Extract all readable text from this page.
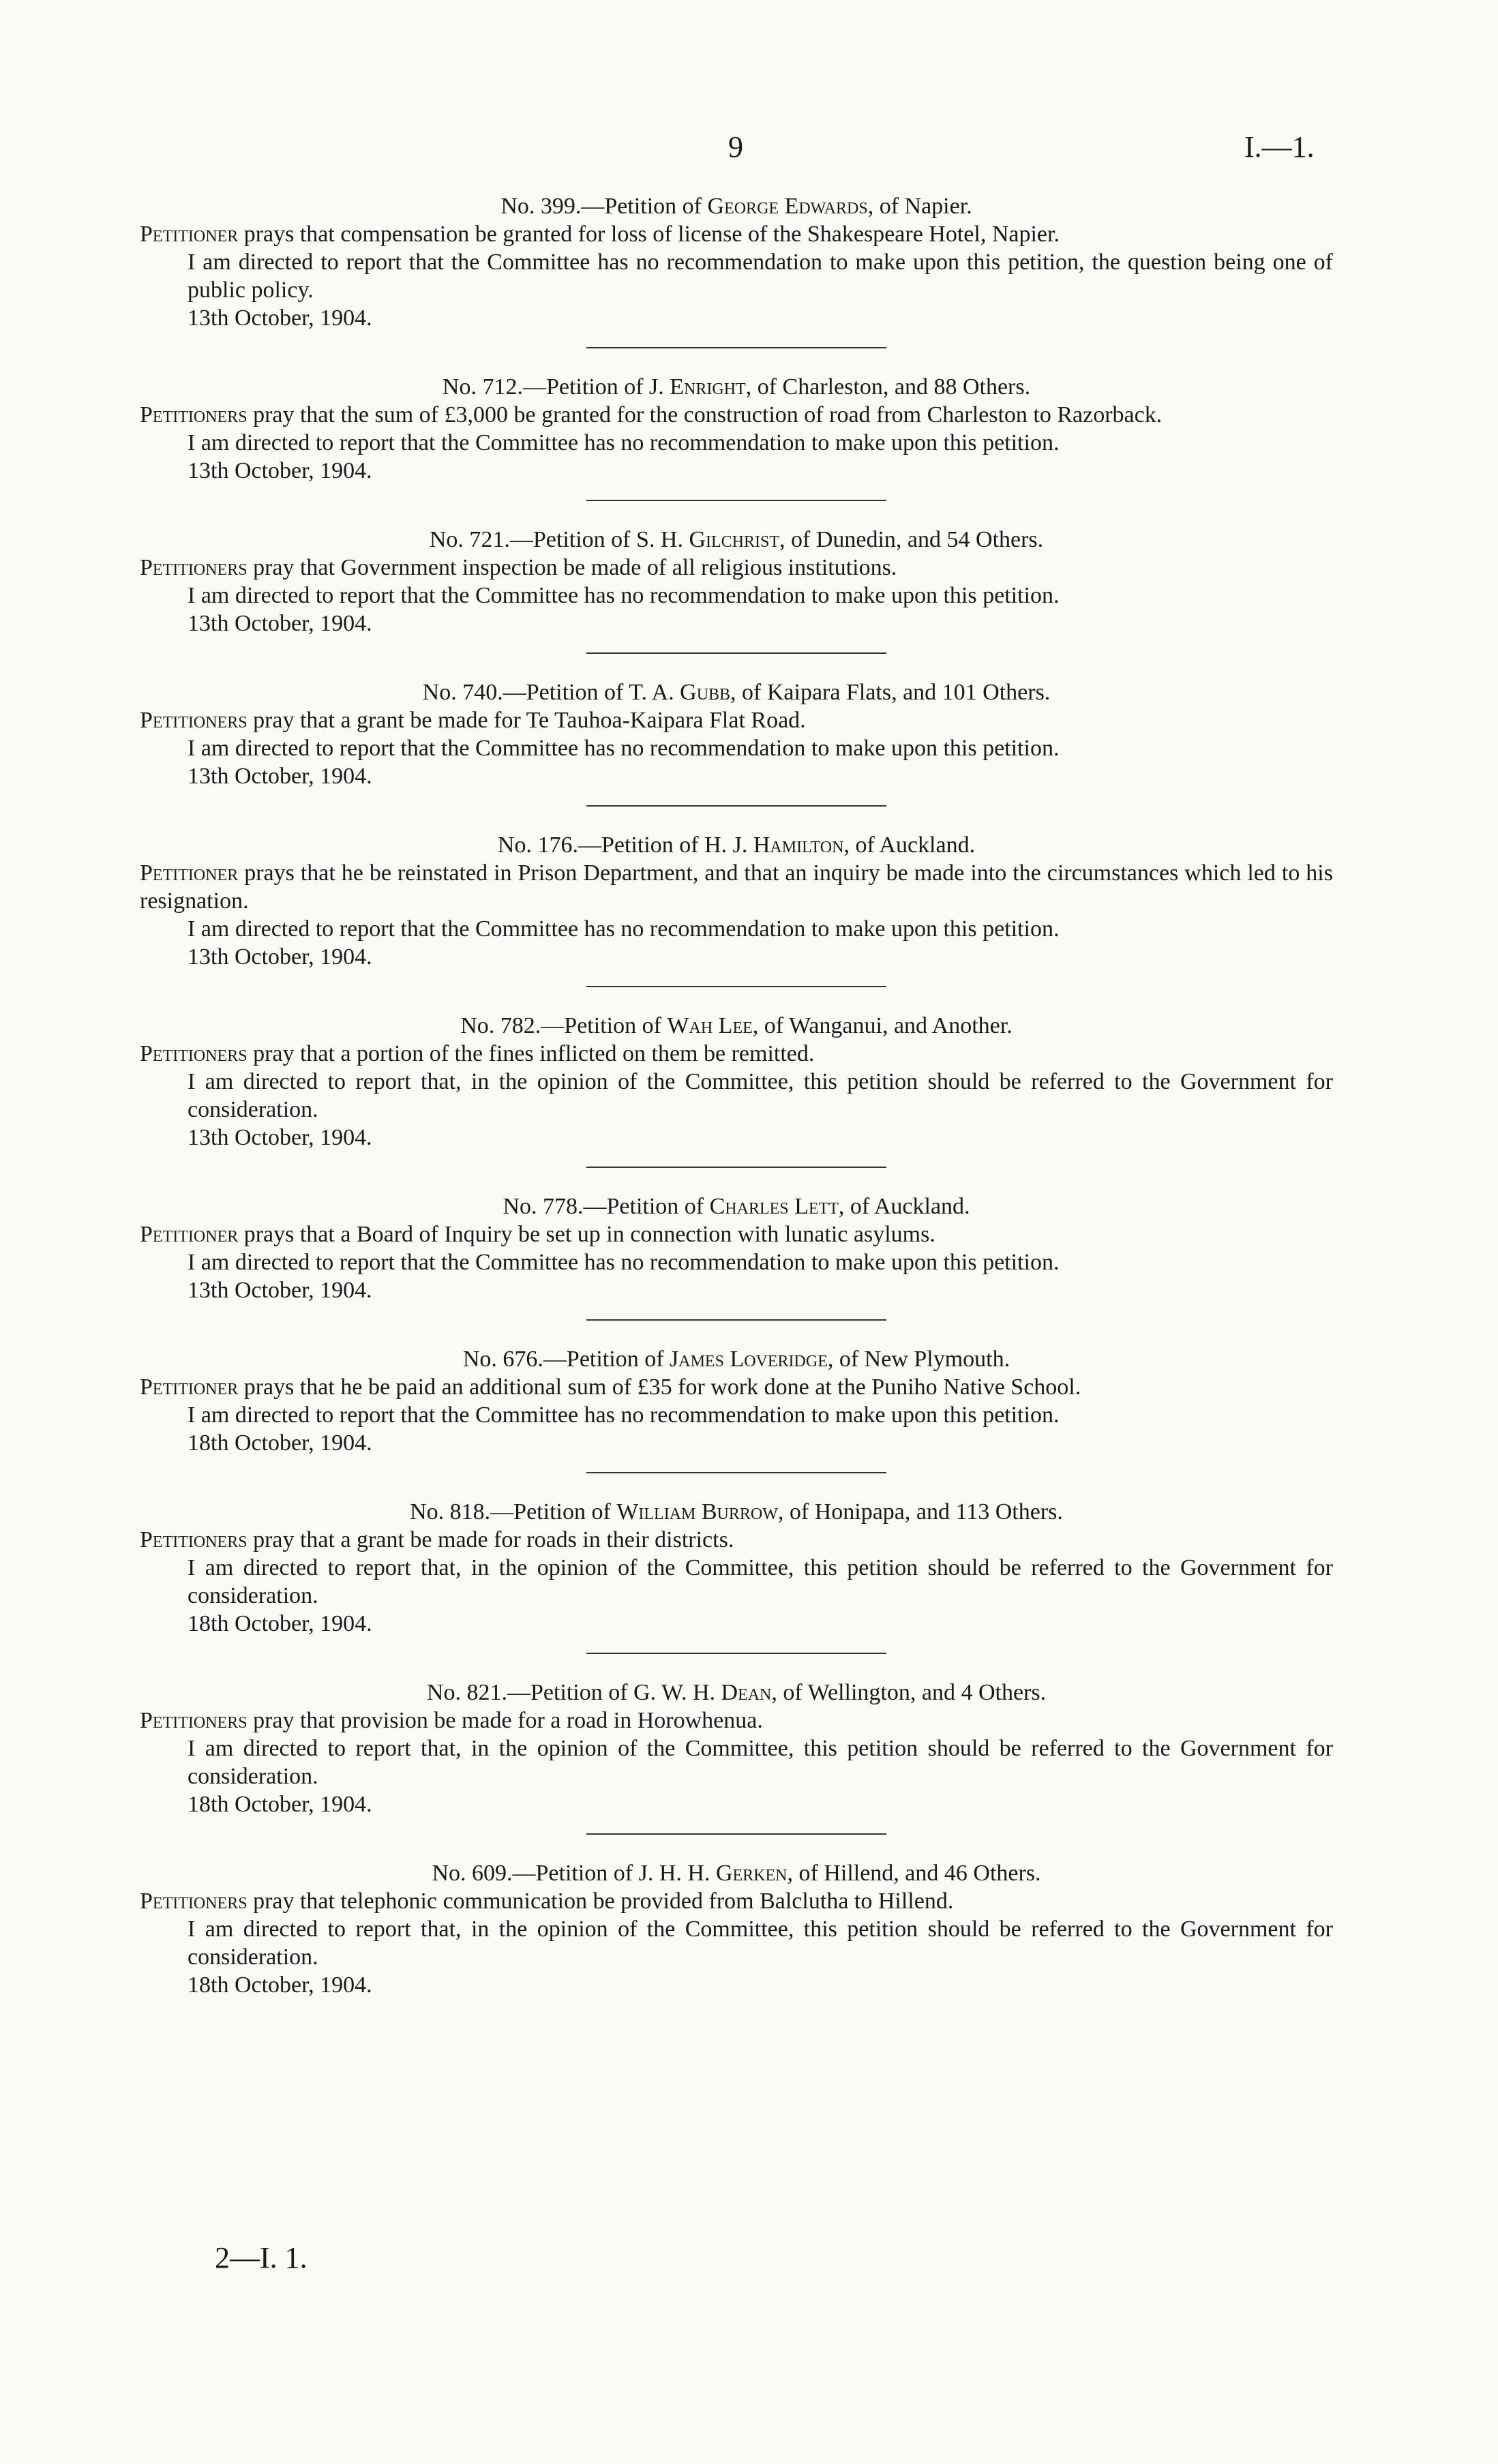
9	I.—1.
No. 399.—Petition of George Edwards, of Napier.
Petitioner prays that compensation be granted for loss of license of the Shakespeare Hotel, Napier.
I am directed to report that the Committee has no recommendation to make upon this petition, the question being one of public policy.
13th October, 1904.
No. 712.—Petition of J. Enright, of Charleston, and 88 Others.
Petitioners pray that the sum of £3,000 be granted for the construction of road from Charleston to Razorback.
I am directed to report that the Committee has no recommendation to make upon this petition.
13th October, 1904.
No. 721.—Petition of S. H. Gilchrist, of Dunedin, and 54 Others.
Petitioners pray that Government inspection be made of all religious institutions.
I am directed to report that the Committee has no recommendation to make upon this petition.
13th October, 1904.
No. 740.—Petition of T. A. Gubb, of Kaipara Flats, and 101 Others.
Petitioners pray that a grant be made for Te Tauhoa-Kaipara Flat Road.
I am directed to report that the Committee has no recommendation to make upon this petition.
13th October, 1904.
No. 176.—Petition of H. J. Hamilton, of Auckland.
Petitioner prays that he be reinstated in Prison Department, and that an inquiry be made into the circumstances which led to his resignation.
I am directed to report that the Committee has no recommendation to make upon this petition.
13th October, 1904.
No. 782.—Petition of Wah Lee, of Wanganui, and Another.
Petitioners pray that a portion of the fines inflicted on them be remitted.
I am directed to report that, in the opinion of the Committee, this petition should be referred to the Government for consideration.
13th October, 1904.
No. 778.—Petition of Charles Lett, of Auckland.
Petitioner prays that a Board of Inquiry be set up in connection with lunatic asylums.
I am directed to report that the Committee has no recommendation to make upon this petition.
13th October, 1904.
No. 676.—Petition of James Loveridge, of New Plymouth.
Petitioner prays that he be paid an additional sum of £35 for work done at the Puniho Native School.
I am directed to report that the Committee has no recommendation to make upon this petition.
18th October, 1904.
No. 818.—Petition of William Burrow, of Honipapa, and 113 Others.
Petitioners pray that a grant be made for roads in their districts.
I am directed to report that, in the opinion of the Committee, this petition should be referred to the Government for consideration.
18th October, 1904.
No. 821.—Petition of G. W. H. Dean, of Wellington, and 4 Others.
Petitioners pray that provision be made for a road in Horowhenua.
I am directed to report that, in the opinion of the Committee, this petition should be referred to the Government for consideration.
18th October, 1904.
No. 609.—Petition of J. H. H. Gerken, of Hillend, and 46 Others.
Petitioners pray that telephonic communication be provided from Balclutha to Hillend.
I am directed to report that, in the opinion of the Committee, this petition should be referred to the Government for consideration.
18th October, 1904.
2—I. 1.
